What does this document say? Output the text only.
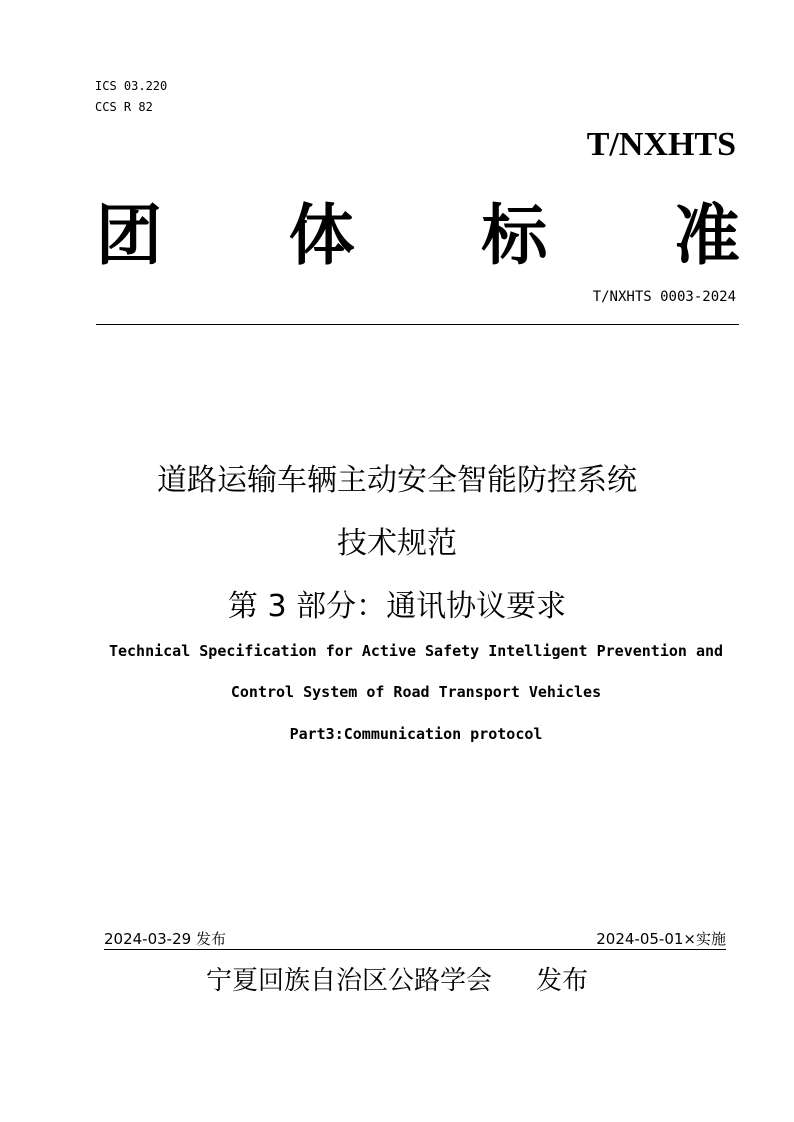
ICS 03.220
CCS R 82
T/NXHTS
团 体 标 准
T/NXHTS 0003-2024
道路运输车辆主动安全智能防控系统
技术规范
第 3 部分：通讯协议要求
Technical Specification for Active Safety Intelligent Prevention and
Control System of Road Transport Vehicles
Part3:Communication protocol
2024-03-29 发布	2024-05-01×实施
宁夏回族自治区公路学会 发布
